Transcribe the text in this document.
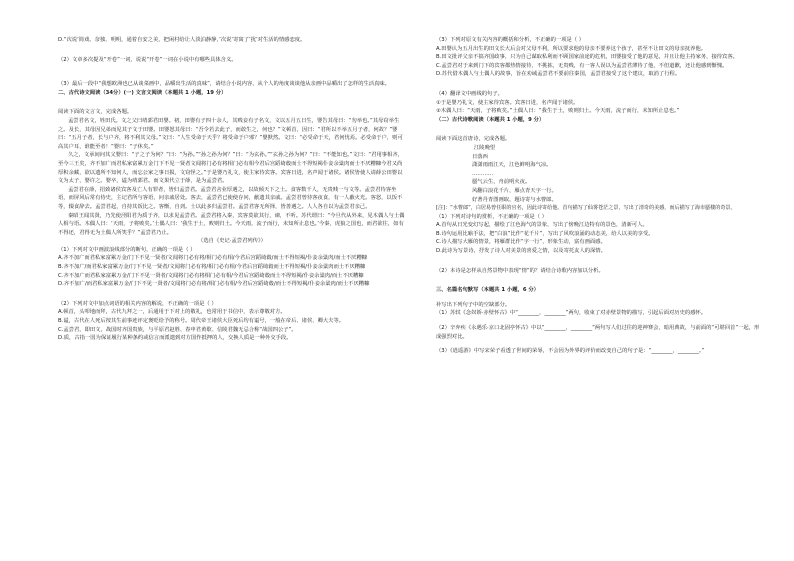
D.“次说‘简戏、奈独、明明，通着自安之美，把闲村给让人淡泊静静，’次说‘寄寓了’扰’对生活的情感恋度。

（2）文章多次提及“开卷”一词，说说“开卷”一词在小说中有哪些具体含义。

（3）最后一段中“我想欧洲也已从谈菜画中，品嚼出生活的真味”，请结合小说内容，从个人的角度谈谈他从亲画中品嚼出了怎样的生活真味。

二、古代诗文阅读（34分）(一) 文言文阅读（本题共 1 小题，19 分）

阅读下面的文言文，完成各题。

孟尝君名文，姓田氏。文之父曰靖郭君田婴。初，田婴有子四十余人，其贱妾有子名文，文以五月五日生，婴告其母曰：“勿举也。”其母窃举生之。及长，其母因兄弟而见其子文于田婴。田婴怒其母曰：“吾令若去此子，而敢生之，何也？”文顿首，因曰：“君所以不举五月子者，何故？”婴曰：“五月子者，长与户齐，将不利其父母。”文曰：“人生受命于天乎？将受命于户邪？”婴默然。文曰：“必受命于天，君何忧焉。必受命于户，则可高其户耳，谁能至者！”婴曰：“子休矣。”

久之，文承间问其父婴曰：“子之子为何？”曰：“为孙。”“孙之孙为何？”曰：“为玄孙。”“玄孙之孙为何？”曰：“不能知也。”文曰：“君用事相齐，至今三王矣，齐不加广而君私家富累万金门下不见一贤者文闻将门必有将相门必有相今君后宫蹈绮縠而士不得短褐仆妾余粱肉而士不厌糟糠今君又尚厚积余藏，欲以遗所不知何人，而忘公家之事日损，文窃怪之。”于是婴乃礼文，使主家待宾客。宾客日进，名声闻于诸侯。诸侯皆使人请薛公田婴以文为太子，婴许之。婴卒，谥为靖郭君。而文果代立于薛，是为孟尝君。

孟尝君在薛，招致诸侯宾客及亡人有罪者，皆归孟尝君。孟尝君舍业厚遇之，以故倾天下之士。食客数千人，无贵贱一与文等。孟尝君待客坐语，而屏风后常有侍史，主记君所与客语，问亲戚居处。客去，孟尝君已使使存问，献遗其亲戚。孟尝君曾待客夜食，有一人蔽火光。客怒，以饭不等，辍食辞去。孟尝君起，自持其饭比之。客惭，自刭。士以此多归孟尝君。孟尝君客无所择，皆善遇之。人人各自以为孟尝君亲己。

秦昭王闻其贤，乃先使泾阳君为质于齐，以求见孟尝君。孟尝君将入秦，宾客莫欲其行，谏，不听。苏代谓曰：“今旦代从外来，见木偶人与土偶人相与语。木偶人曰：‘天雨，子将败矣。’土偶人曰：‘我生于土，败则归土。今天雨，流子而行，未知所止息也。’今秦，虎狼之国也，而君欲往，如有不得还，君得无为土偶人所笑乎？”孟尝君乃止。

（选自《史记·孟尝君列传》）

（1）下列对文中画波浪线部分的断句，正确的一项是（ ）

A.齐不加广而君私家富累万金/门下不见一贤者/文闻将门必有将/相门必有相/今君后宫蹈绮縠/而士不得短褐/仆妾余粱肉/而士不厌糟糠

B.齐不加广/而君私家富累万金/门下不见一贤者/文闻将门必有将/相门必有相/今君后宫蹈绮縠而士不得短褐/仆妾余粱肉而士不厌糟糠

C.齐不加广而君私家富累万金/门下不见一贤者/文闻将门必有将相门必有相/今君后宫蹈绮縠而士不得短褐/仆妾余粱肉/而士不厌糟糠

D.齐不加广/而君私家富累万金/门下不见一贤者/文闻将门必有将/相门必有相/今君后宫蹈绮縠/而士不得短褐/仆妾余粱肉/而士不厌糟糠

（2）下列对文中加点词语的相关内容的解说，不正确的一项是（ ）

A.顿首，头叩地而拜，古代九拜之一，后通用于下对上的敬礼，也常用于书信中，表示尊敬对方。

B.谥，古代在人死后按其生前事迹评定褒贬给予的称号。周代帝王诸侯大臣死后均有谥号，一般在帝后、诸侯、卿大夫等。

C.孟尝君，即田文，战国时齐国贵族，与平原君赵胜、春申君黄歇、信陵君魏无忌合称“战国四公子”。

D.质，古指一国为保证履行某种条约或信言而派遣到对方国作抵押的人，交换人质是一种外交手段。

（3）下列对原文有关内容的概括和分析，不正确的一项是（ ）

A.田婴认为五月出生的田文长大后会对父母不利，所以要求他的母亲不要养这个孩子，甚至不让田文的母亲抚养他。

B.田文批评父亲不搞齐国政事，只为自己谋取私利而不顾国家前途的危机，田婴接受了他的意见，并且让他主持家务，接待宾客。

C.孟尝君对于来到门下的宾客都热情接待，不挑拣，无贵贱，有一客人误以为孟尝君薄待了他，不但道歉，还让他感到惭愧。

D.苏代借木偶人与土偶人的故事，旨在劝诫孟尝君不要前往秦国，孟尝君接受了这个建议，取消了行程。

（4）翻译文中画线的句子。

①于是婴乃礼文，使主家待宾客。宾客日进，名声闻于诸侯。

②木偶人曰：“天雨，子将败矣。”土偶人曰：“我生于土，败则归土。今天雨，流子而行，未知所止息也。”

（二）古代诗歌阅读（本题共 1 小题，9 分）

阅读下面这首唐诗，完成各题。

江陵晚望

日落西

潇潇雨雨江天，江色鲜明海气凉。

…………

蜃气云生，舟前明火夜。

风翻白浪花千片，雁点青天字一行。

好著丹青图画取，题诗寄与水曹郎。

[注]：“水曹郎”，白居易曾任职的官名，因此诗寄给他。首句描写了仙雾苍茫之景，写出了清奇的美感，而后描写了海市蜃楼的奇景。

（1）下列对诗句的赏析，不正确的一项是（ ）

A.首句从日光变幻写起，描绘了江色海气的景象，写出了傍晚江边特有的景色，清新可人。

B.诗句运用比喻手法，把“白浪”比作“花千片”，写出了风吹浪涌的动态美，给人以美的享受。

C.诗人描写大雁的情景，将雁群比作“字一行”，形象生动，富有画面感。

D.此诗为写景诗，抒发了诗人对美景的喜爱之情，以及寄托友人的深情。

（2）本诗是怎样从自然景物中表现“情”的？请结合诗歌内容加以分析。

三、名篇名句默写（本题共 1 小题，6 分）

补写出下列句子中的空缺部分。

（1）苏轼《念奴娇·赤壁怀古》中“________，________”两句，收束了对赤壁景物的描写，引起后面对历史的感怀。

（2）辛弃疾《永遇乐·京口北固亭怀古》中以“________，________”两句写人们过往的迎神赛会，暗用典故，与前面的“可堪回首”一起，形成强烈对比。

（3）《逍遥游》中写宋荣子看透了世间的荣辱，不会因为外界的评价而改变自己的句子是：“________，________。”
